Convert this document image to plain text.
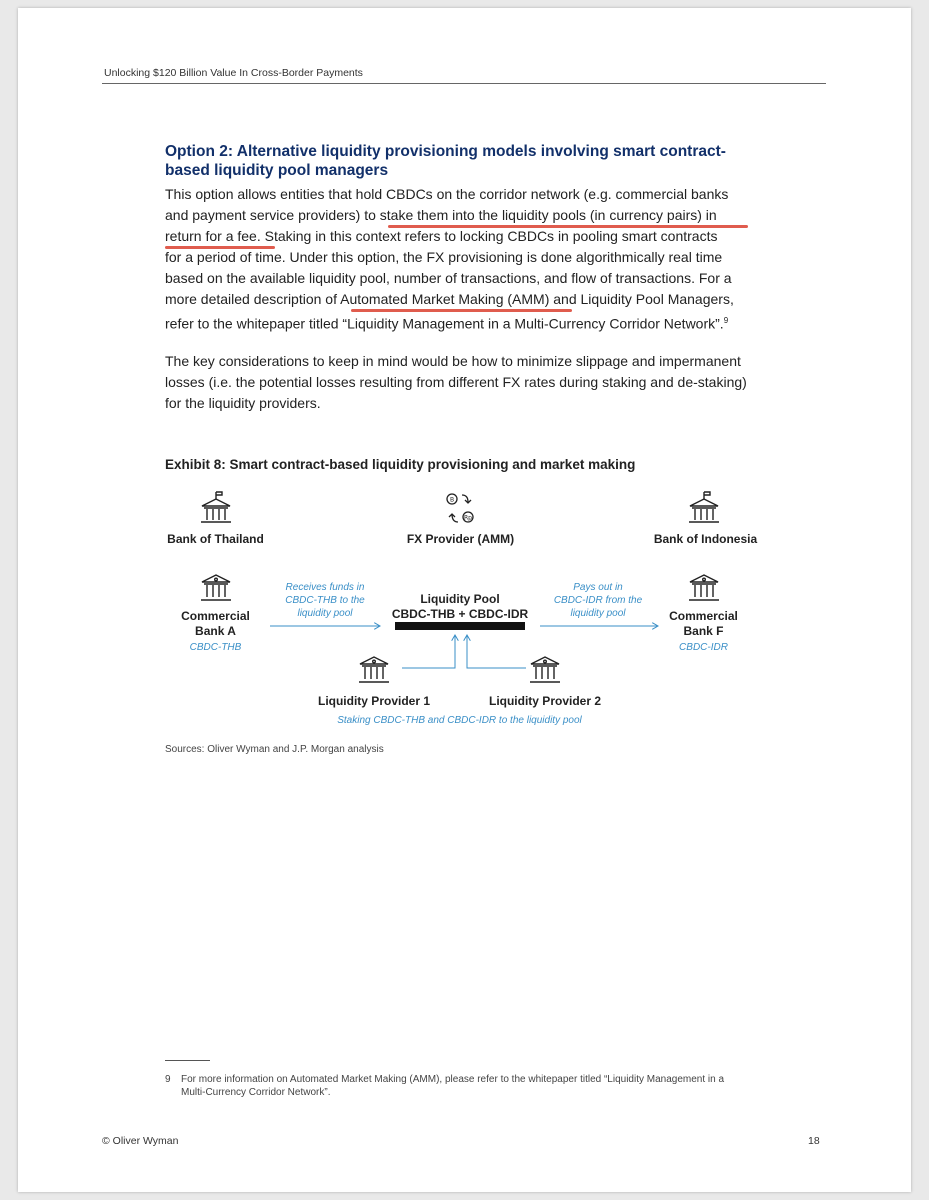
Unlocking $120 Billion Value In Cross-Border Payments
Option 2: Alternative liquidity provisioning models involving smart contract-
based liquidity pool managers
This option allows entities that hold CBDCs on the corridor network (e.g. commercial banks
and payment service providers) to stake them into the liquidity pools (in currency pairs) in
return for a fee. Staking in this context refers to locking CBDCs in pooling smart contracts
for a period of time. Under this option, the FX provisioning is done algorithmically real time
based on the available liquidity pool, number of transactions, and flow of transactions. For a
more detailed description of Automated Market Making (AMM) and Liquidity Pool Managers,
refer to the whitepaper titled “Liquidity Management in a Multi-Currency Corridor Network”.$^9$
The key considerations to keep in mind would be how to minimize slippage and impermanent
losses (i.e. the potential losses resulting from different FX rates during staking and de-staking)
for the liquidity providers.
Exhibit 8: Smart contract-based liquidity provisioning and market making
Bank of Thailand
B
Rp
FX Provider (AMM)	Bank of Indonesia
Commercial
Bank A
CBDC-THB
Receives funds in
CBDC-THB to the
liquidity pool
Liquidity Pool
CBDC-THB + CBDC-IDR
Pays out in
CBDC-IDR from the
liquidity pool	Commercial
Bank F
CBDC-IDR
Liquidity Provider 1	Liquidity Provider 2
Staking CBDC-THB and CBDC-IDR to the liquidity pool
Sources: Oliver Wyman and J.P. Morgan analysis
9 For more information on Automated Market Making (AMM), please refer to the whitepaper titled “Liquidity Management in a Multi-Currency Corridor Network”.
© Oliver Wyman	18
